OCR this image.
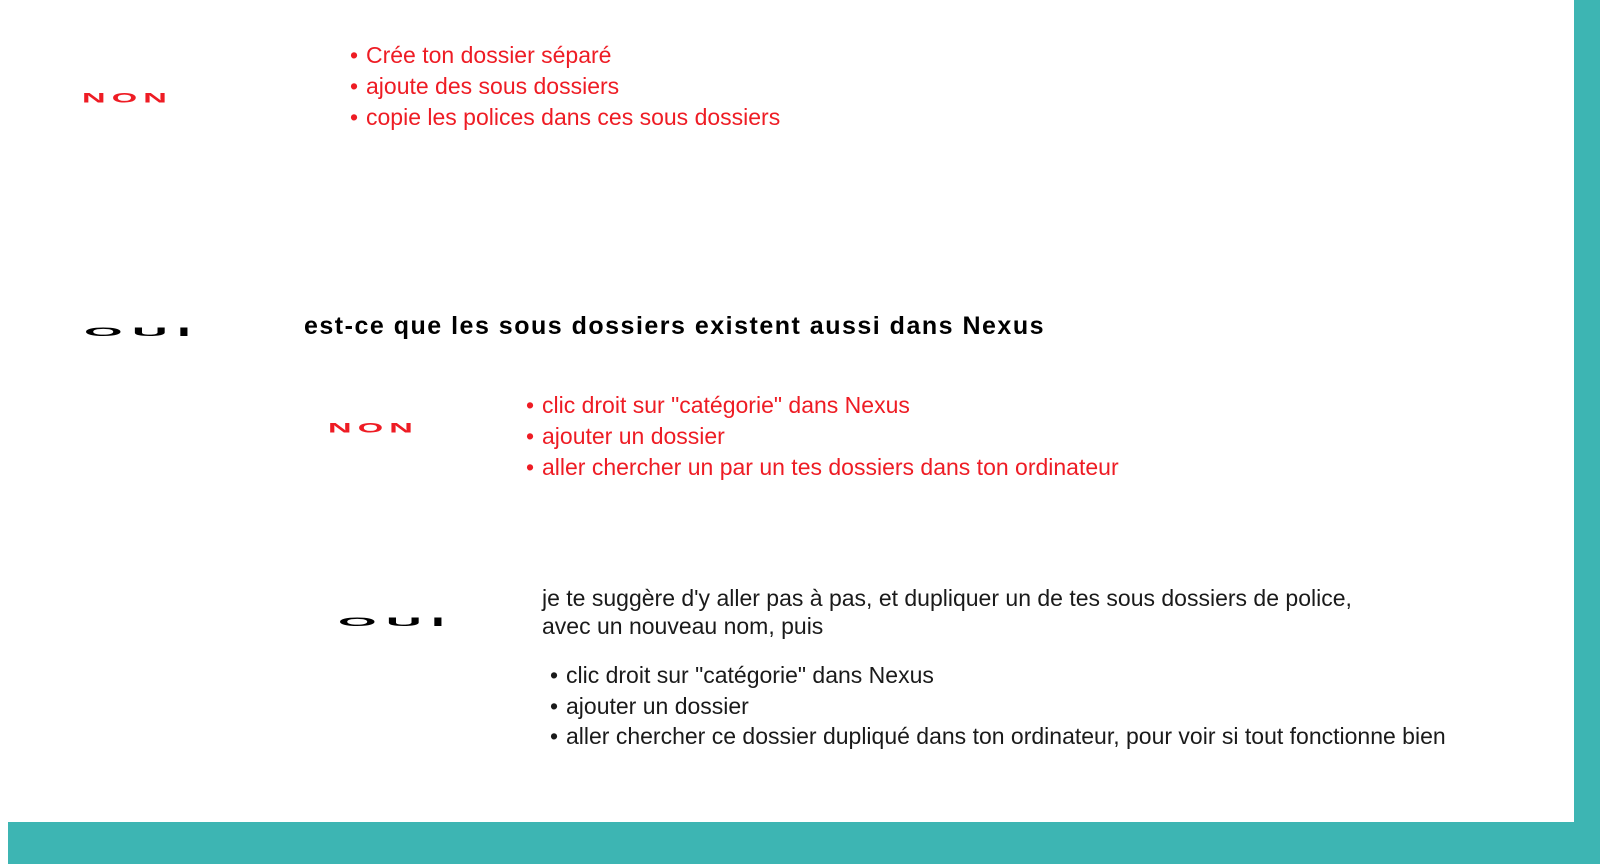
NON
• Crée ton dossier séparé
• ajoute des sous dossiers
• copie les polices dans ces sous dossiers
OUI	est-ce que les sous dossiers existent aussi dans Nexus
NON
• clic droit sur "catégorie" dans Nexus
• ajouter un dossier
• aller chercher un par un tes dossiers dans ton ordinateur
OUI
je te suggère d'y aller pas à pas, et dupliquer un de tes sous dossiers de police, avec un nouveau nom, puis
• clic droit sur "catégorie" dans Nexus
• ajouter un dossier
• aller chercher ce dossier dupliqué dans ton ordinateur, pour voir si tout fonctionne bien
